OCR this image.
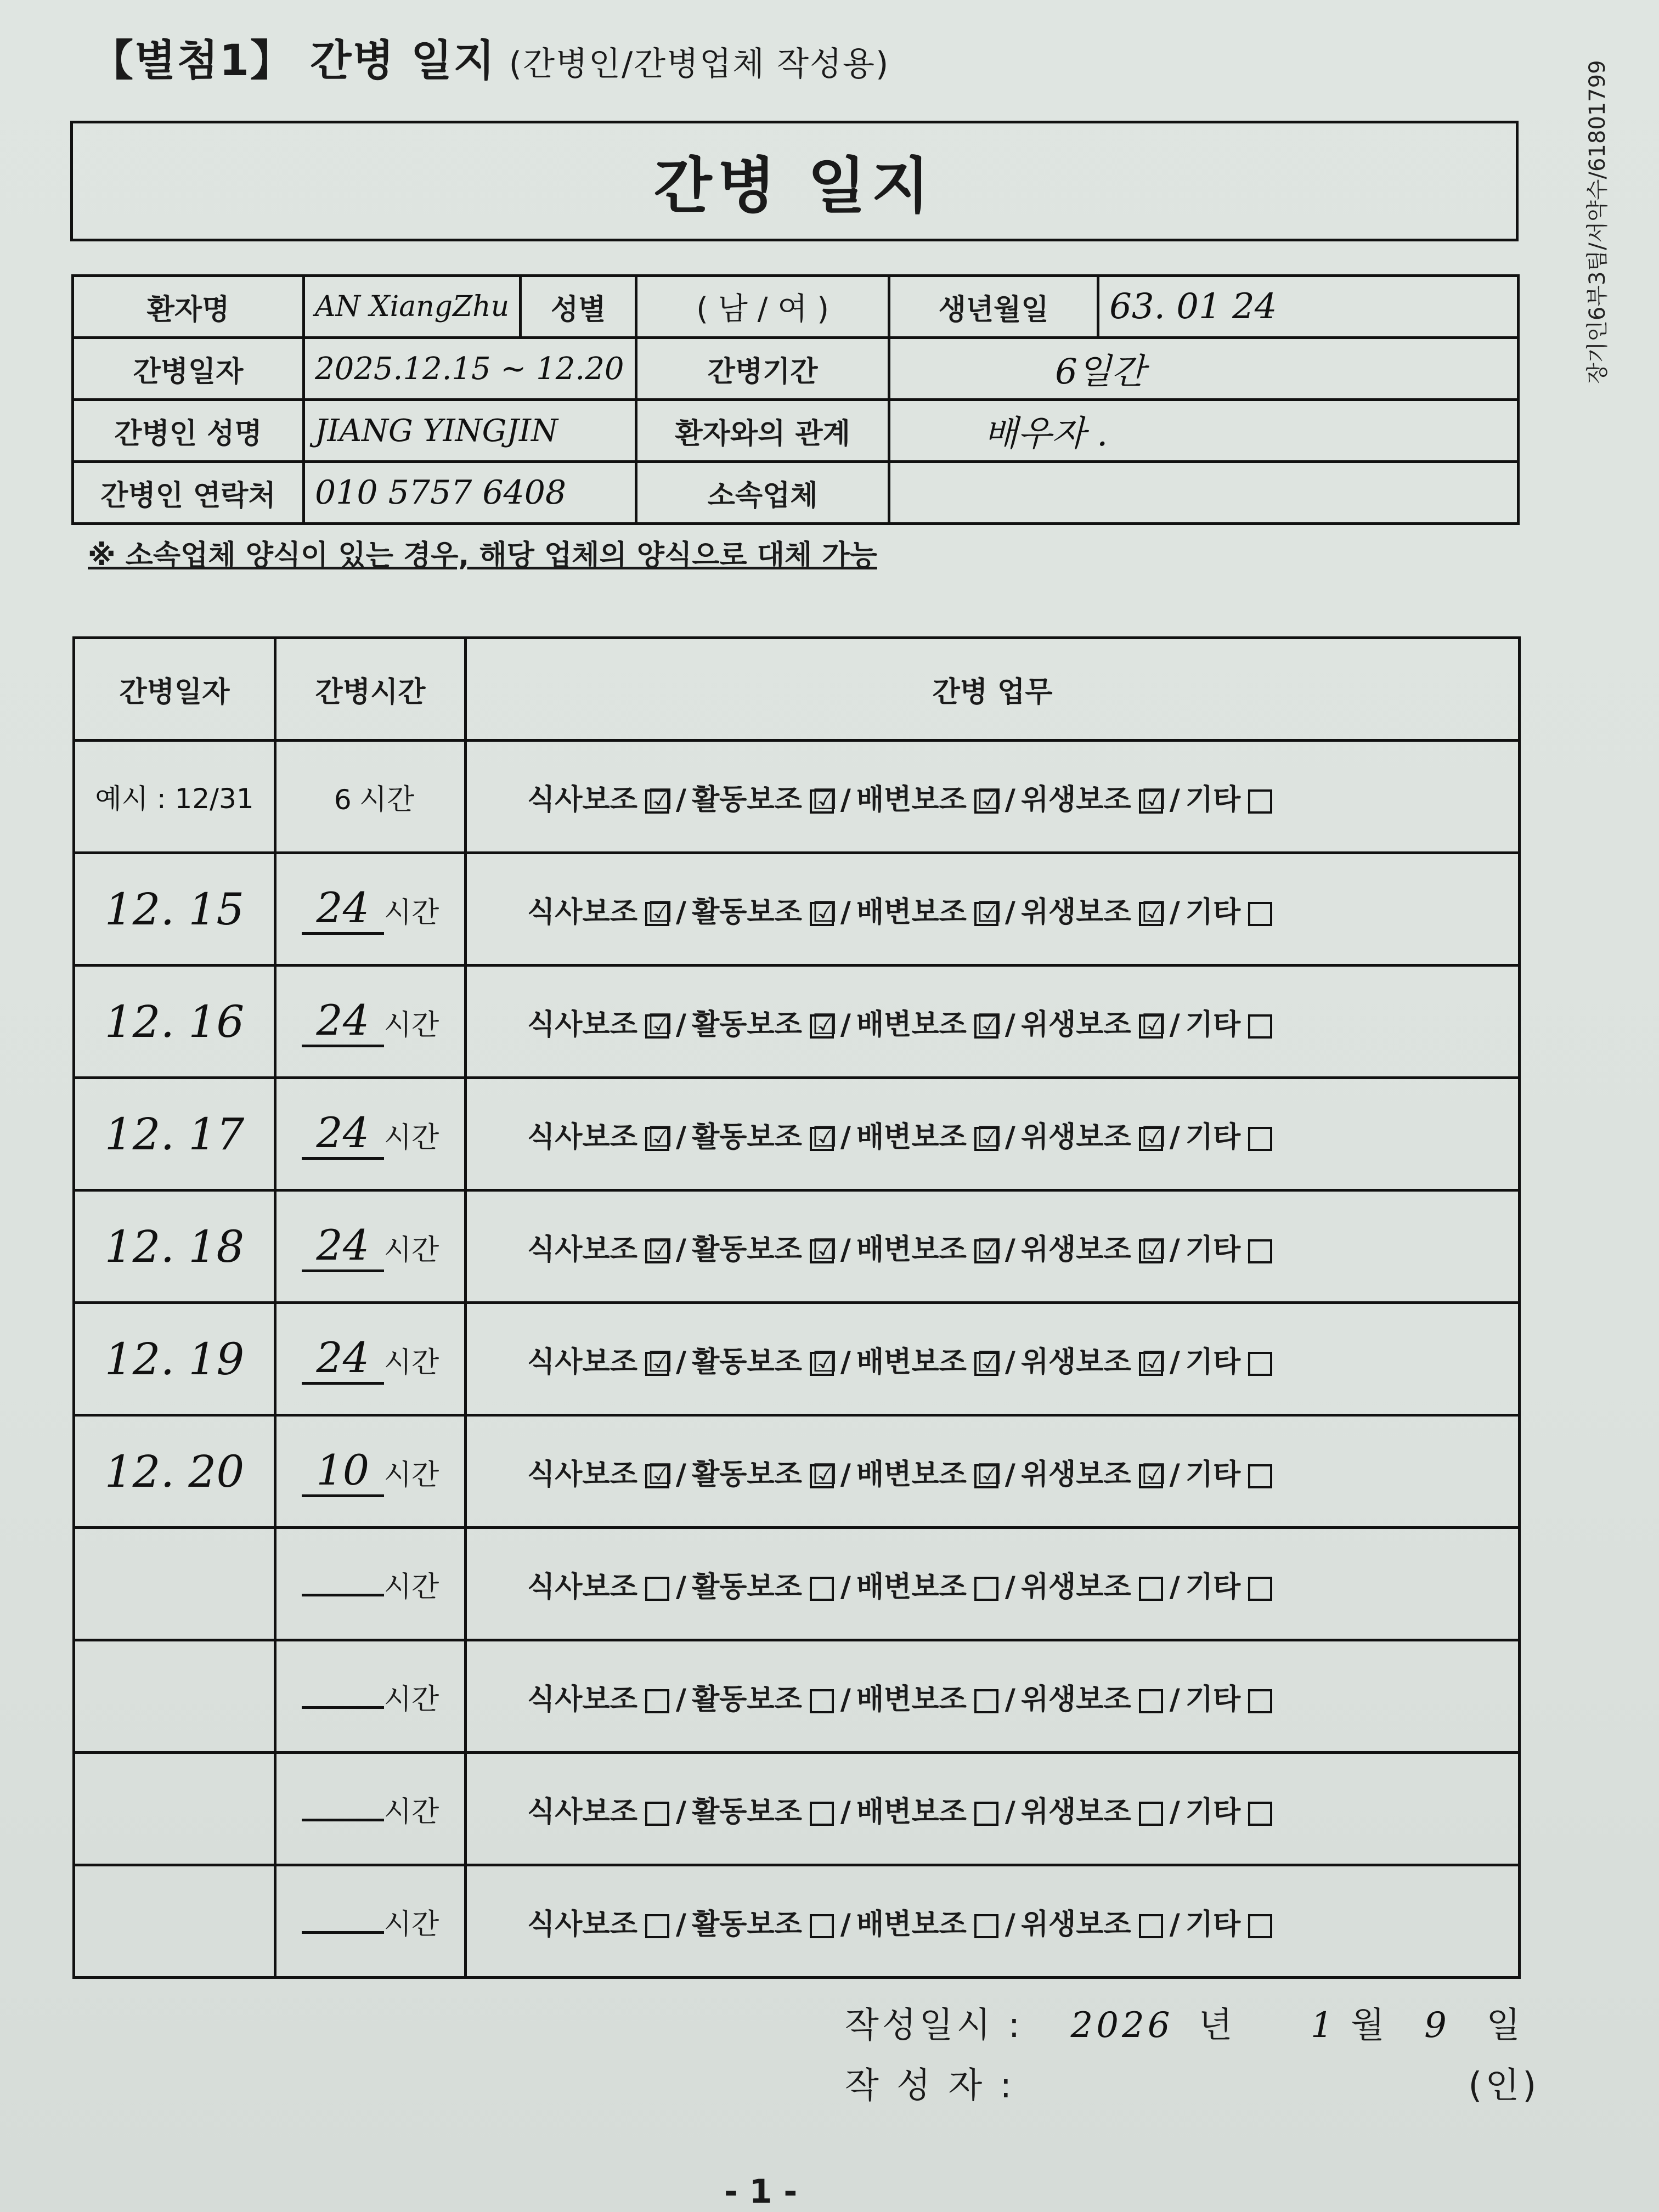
【별첨1】 간병 일지 (간병인/간병업체 작성용)	장기인6부3팀/서약수/61801799
간병 일지
환자명	AN XiangZhu	성별	( 남 / 여 )	생년월일	63. 01 24
간병일자	2025.12.15 ~ 12.20		간병기간	6일간	
간병인 성명	JIANG YINGJIN		환자와의 관계	배우자 .	
간병인 연락처	010 5757 6408		소속업체		
※ 소속업체 양식이 있는 경우, 해당 업체의 양식으로 대체 가능
간병일자	간병시간	간병 업무
예시 : 12/31	6 시간	식사보조 ☑ / 활동보조 ☑ / 배변보조 ☑ / 위생보조 ☑ / 기타
12. 15	24 시간	식사보조 ☑ / 활동보조 ☑ / 배변보조 ☑ / 위생보조 ☑ / 기타
12. 16	24 시간	식사보조 ☑ / 활동보조 ☑ / 배변보조 ☑ / 위생보조 ☑ / 기타
12. 17	24 시간	식사보조 ☑ / 활동보조 ☑ / 배변보조 ☑ / 위생보조 ☑ / 기타
12. 18	24 시간	식사보조 ☑ / 활동보조 ☑ / 배변보조 ☑ / 위생보조 ☑ / 기타
12. 19	24 시간	식사보조 ☑ / 활동보조 ☑ / 배변보조 ☑ / 위생보조 ☑ / 기타
12. 20	10 시간	식사보조 ☑ / 활동보조 ☑ / 배변보조 ☑ / 위생보조 ☑ / 기타
	시간	식사보조 / 활동보조 / 배변보조 / 위생보조 / 기타
	시간	식사보조 / 활동보조 / 배변보조 / 위생보조 / 기타
	시간	식사보조 / 활동보조 / 배변보조 / 위생보조 / 기타
	시간	식사보조 / 활동보조 / 배변보조 / 위생보조 / 기타
작성일시 : 2026 년 1 월 9 일
작 성 자 :	(인)
- 1 -
